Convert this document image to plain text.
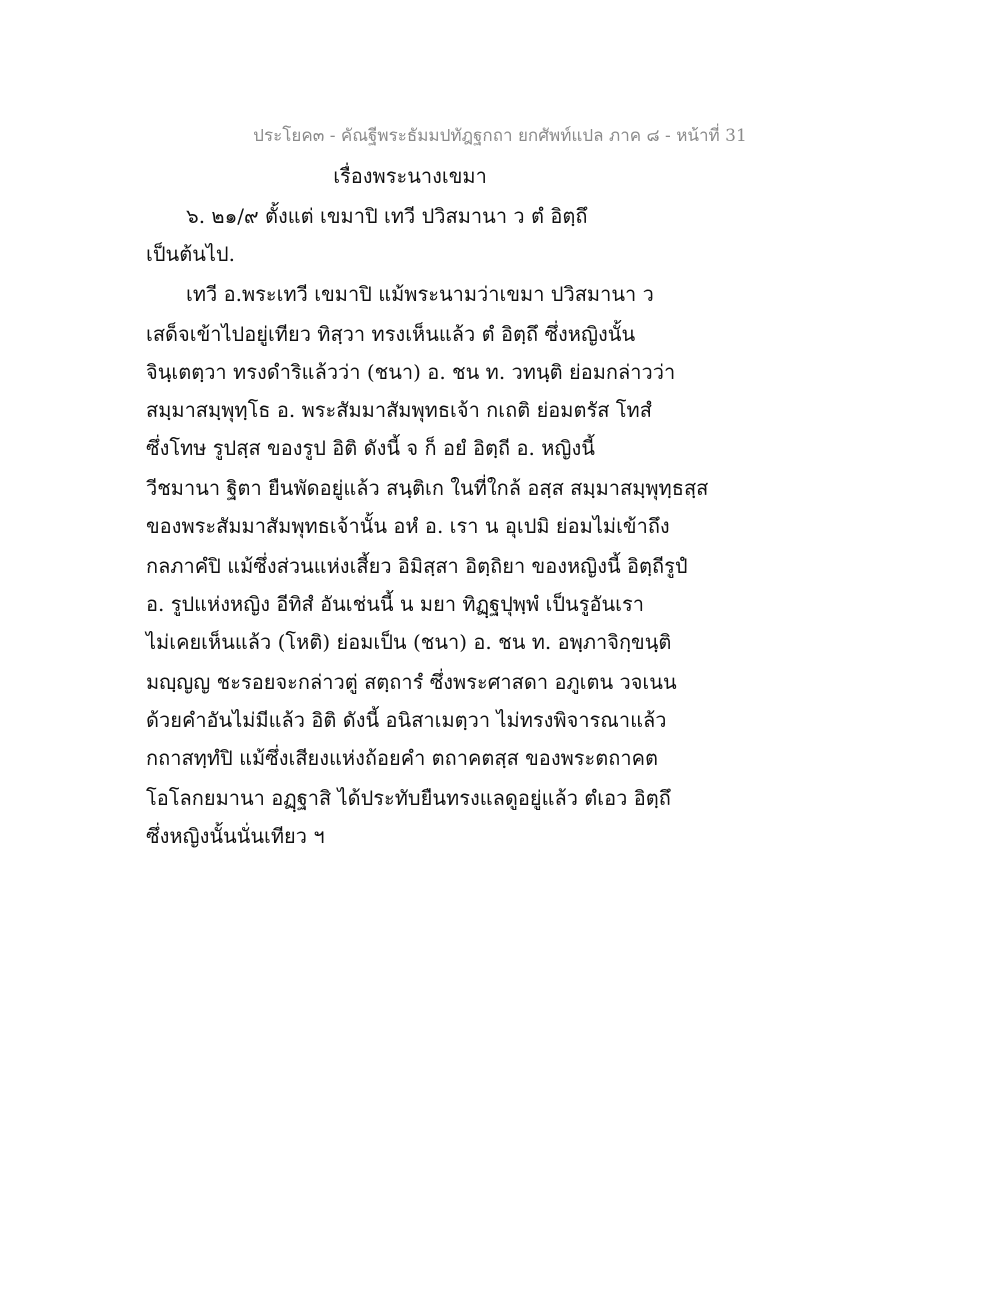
ประโยค๓ - คัณฐีพระธัมมปทัฎฐกถา ยกศัพท์แปล ภาค ๘ - หน้าที่ 31
เรื่องพระนางเขมา
๖. ๒๑/๙ ตั้งแต่ เขมาปิ เทวี ปวิสมานา ว ตํ อิตฺถึ
เป็นต้นไป.
เทวี อ.พระเทวี เขมาปิ แม้พระนามว่าเขมา ปวิสมานา ว
เสด็จเข้าไปอยู่เทียว ทิสฺวา ทรงเห็นแล้ว ตํ อิตฺถึ ซึ่งหญิงนั้น
จินฺเตตฺวา ทรงดำริแล้วว่า (ชนา) อ. ชน ท. วทนฺติ ย่อมกล่าวว่า
สมฺมาสมฺพุทฺโธ อ. พระสัมมาสัมพุทธเจ้า กเถติ ย่อมตรัส โทสํ
ซึ่งโทษ รูปสฺส ของรูป อิติ ดังนี้ จ ก็ อยํ อิตฺถี อ. หญิงนี้
วีชมานา ฐิตา ยืนพัดอยู่แล้ว สนฺติเก ในที่ใกล้ อสฺส สมฺมาสมฺพุทฺธสฺส
ของพระสัมมาสัมพุทธเจ้านั้น อหํ อ. เรา น อุเปมิ ย่อมไม่เข้าถึง
กลภาคํปิ แม้ซึ่งส่วนแห่งเสี้ยว อิมิสฺสา อิตฺถิยา ของหญิงนี้ อิตฺถีรูปํ
อ. รูปแห่งหญิง อีทิสํ อันเช่นนี้ น มยา ทิฏฺฐปุพฺพํ เป็นรูอันเรา
ไม่เคยเห็นแล้ว (โหติ) ย่อมเป็น (ชนา) อ. ชน ท. อพฺภาจิกฺขนฺติ
มญฺญญ ชะรอยจะกล่าวตู่ สตฺถารํ ซึ่งพระศาสดา อภูเตน วจเนน
ด้วยคำอันไม่มีแล้ว อิติ ดังนี้ อนิสาเมตฺวา ไม่ทรงพิจารณาแล้ว
กถาสทฺทํปิ แม้ซึ่งเสียงแห่งถ้อยคำ ตถาคตสฺส ของพระตถาคต
โอโลกยมานา อฏฺฐาสิ ได้ประทับยืนทรงแลดูอยู่แล้ว ตํเอว อิตฺถึ
ซึ่งหญิงนั้นนั่นเทียว ฯ
